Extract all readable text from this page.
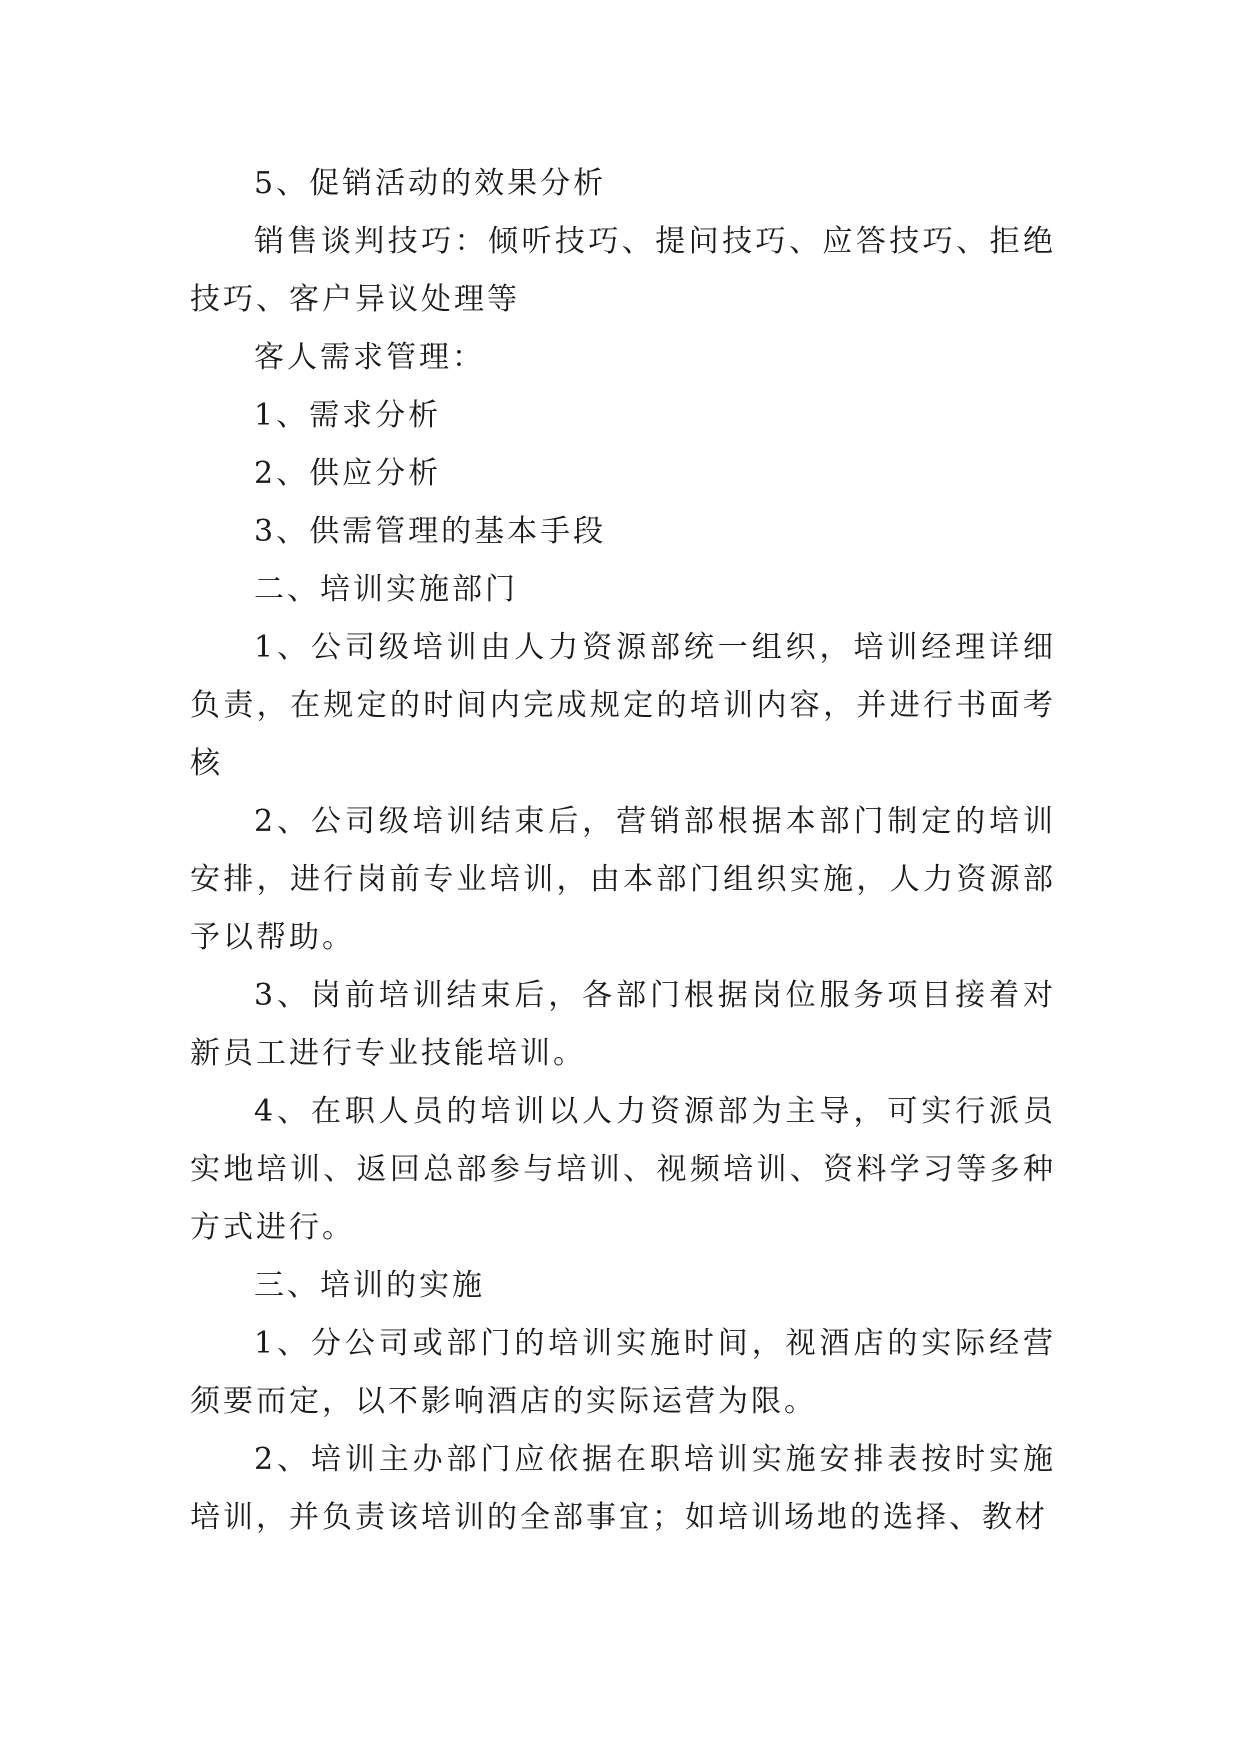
5、促销活动的效果分析

销售谈判技巧：倾听技巧、提问技巧、应答技巧、拒绝技巧、客户异议处理等

客人需求管理：

1、需求分析

2、供应分析

3、供需管理的基本手段

二、培训实施部门

1、公司级培训由人力资源部统一组织，培训经理详细负责，在规定的时间内完成规定的培训内容，并进行书面考核

2、公司级培训结束后，营销部根据本部门制定的培训安排，进行岗前专业培训，由本部门组织实施，人力资源部予以帮助。

3、岗前培训结束后，各部门根据岗位服务项目接着对新员工进行专业技能培训。

4、在职人员的培训以人力资源部为主导，可实行派员实地培训、返回总部参与培训、视频培训、资料学习等多种方式进行。

三、培训的实施

1、分公司或部门的培训实施时间，视酒店的实际经营须要而定，以不影响酒店的实际运营为限。

2、培训主办部门应依据在职培训实施安排表按时实施培训，并负责该培训的全部事宜；如培训场地的选择、教材
